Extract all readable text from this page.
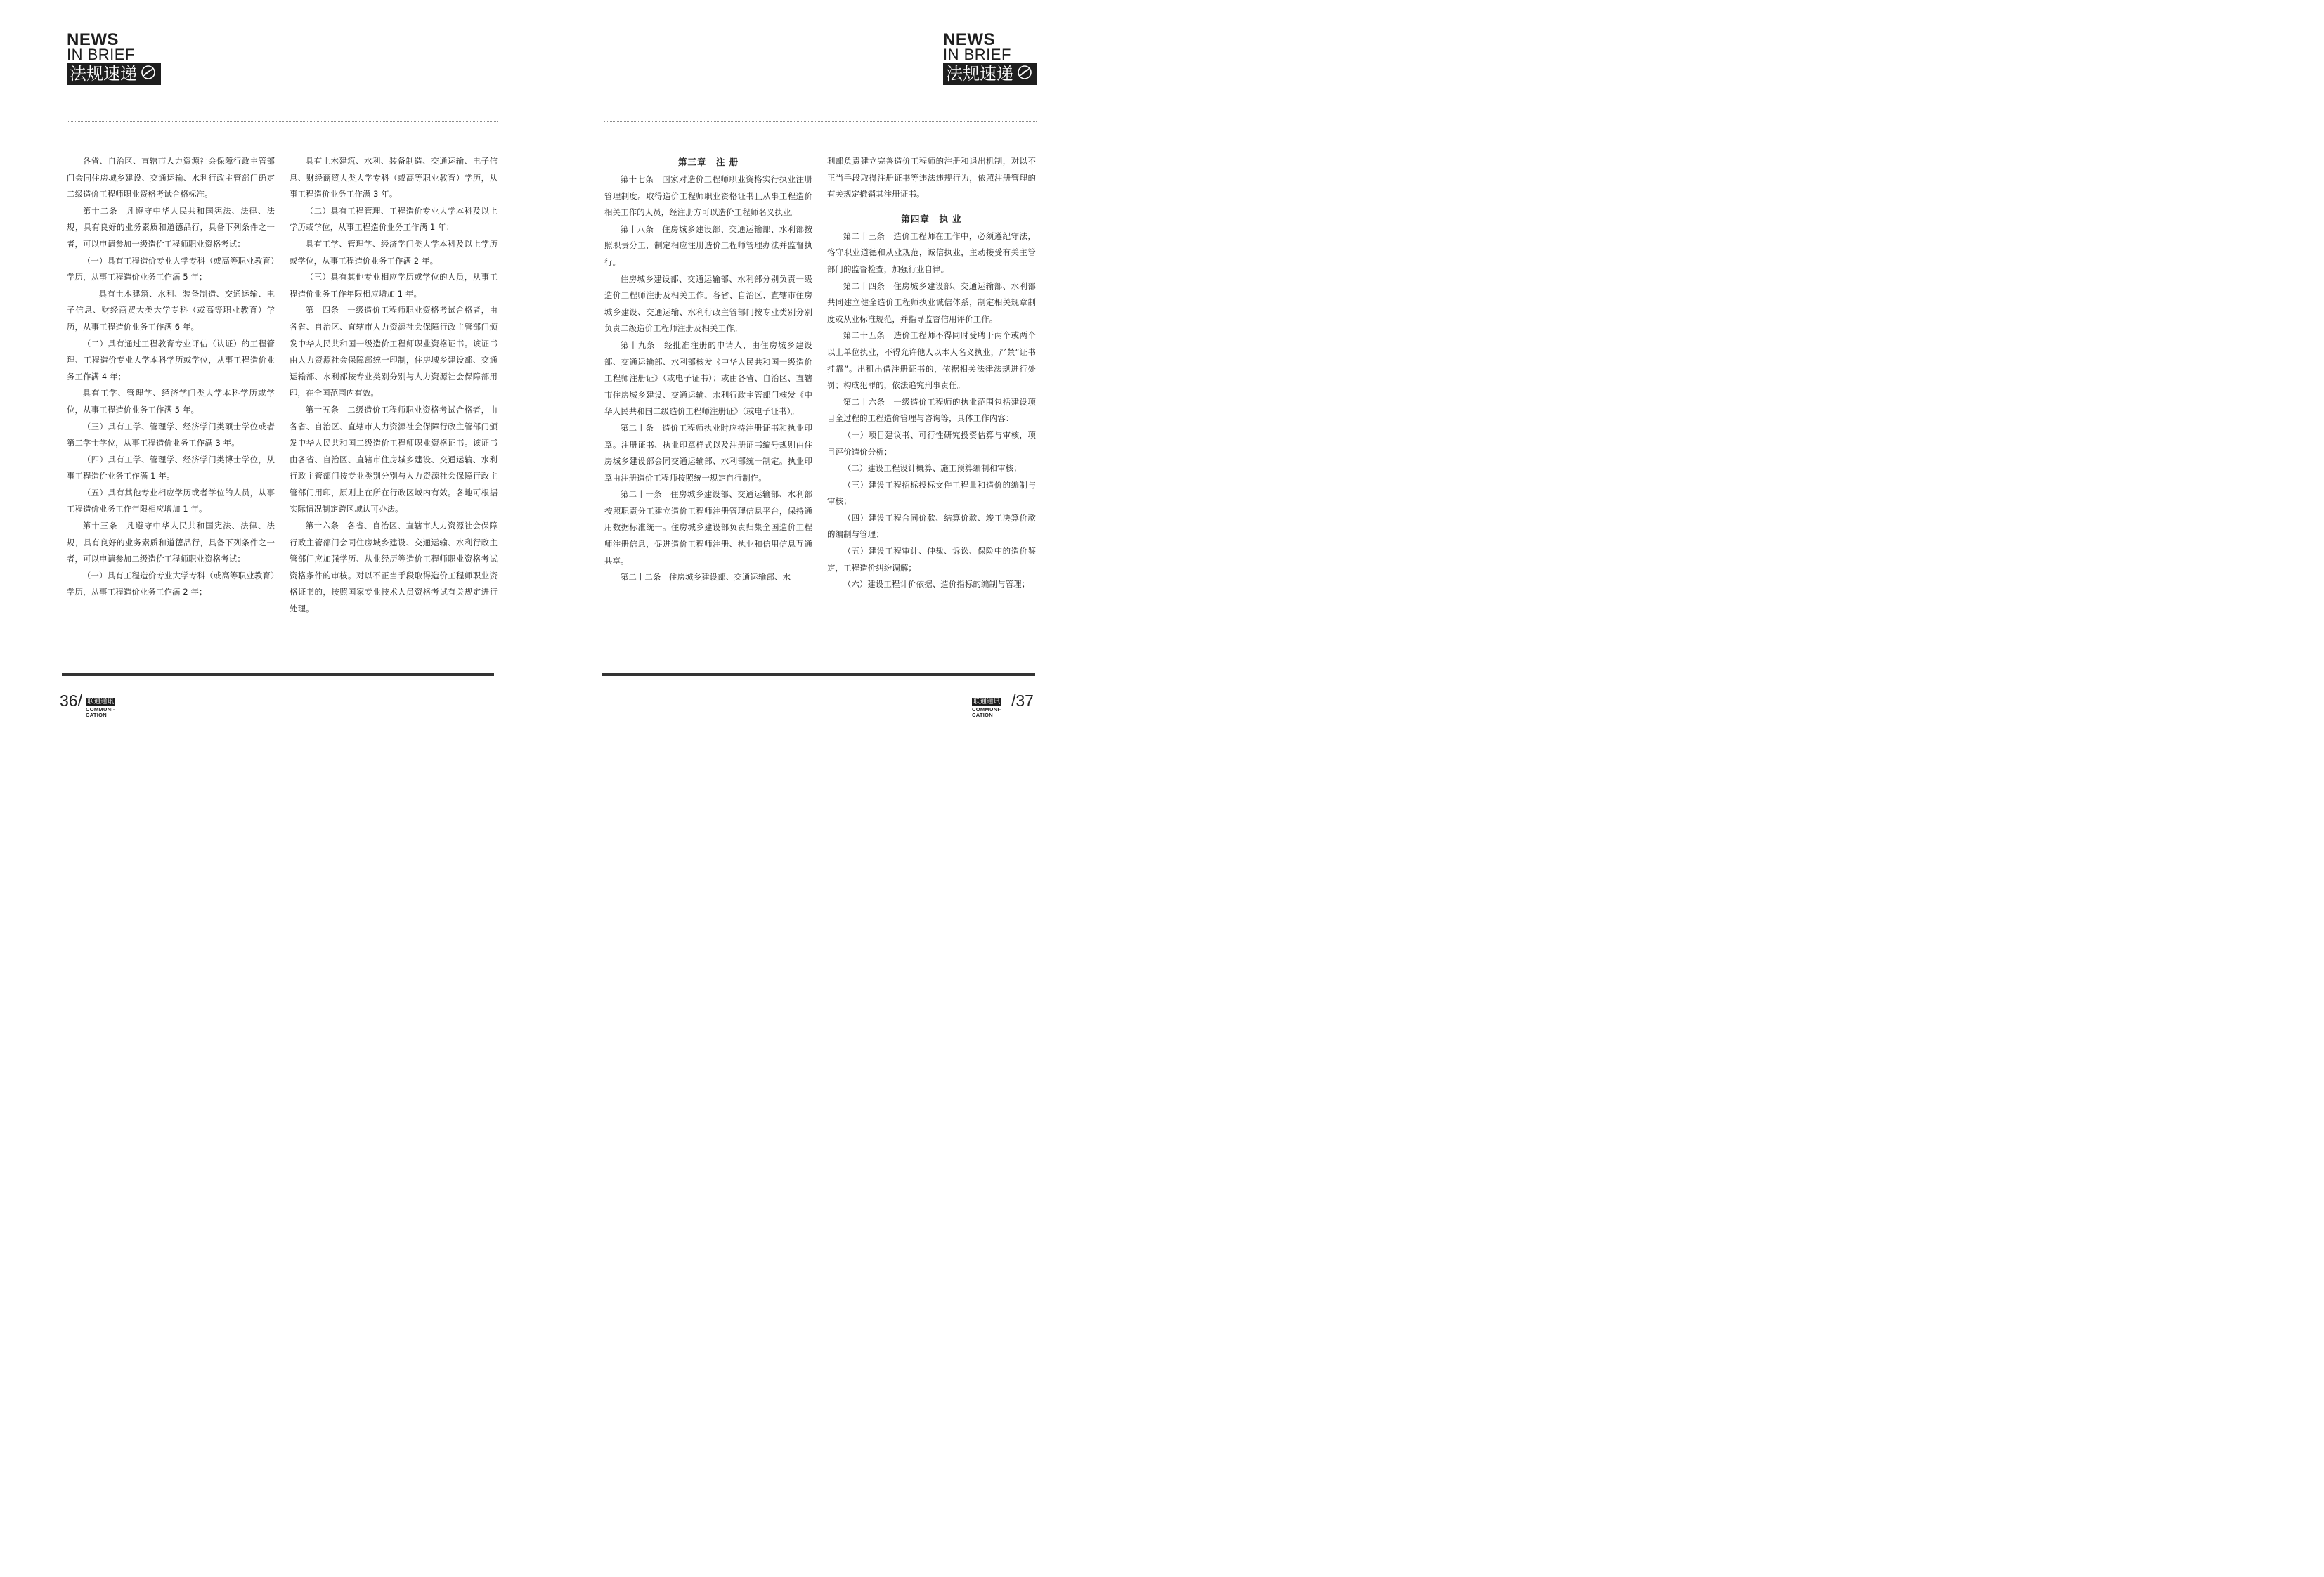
NEWS
IN BRIEF
法规速递

各省、自治区、直辖市人力资源社会保障行政主管部门会同住房城乡建设、交通运输、水利行政主管部门确定二级造价工程师职业资格考试合格标准。

第十二条　凡遵守中华人民共和国宪法、法律、法规，具有良好的业务素质和道德品行，具备下列条件之一者，可以申请参加一级造价工程师职业资格考试：

（一）具有工程造价专业大学专科（或高等职业教育）学历，从事工程造价业务工作满 5 年；

具有土木建筑、水利、装备制造、交通运输、电子信息、财经商贸大类大学专科（或高等职业教育）学历，从事工程造价业务工作满 6 年。

（二）具有通过工程教育专业评估（认证）的工程管理、工程造价专业大学本科学历或学位，从事工程造价业务工作满 4 年；

具有工学、管理学、经济学门类大学本科学历或学位，从事工程造价业务工作满 5 年。

（三）具有工学、管理学、经济学门类硕士学位或者第二学士学位，从事工程造价业务工作满 3 年。

（四）具有工学、管理学、经济学门类博士学位，从事工程造价业务工作满 1 年。

（五）具有其他专业相应学历或者学位的人员，从事工程造价业务工作年限相应增加 1 年。

第十三条　凡遵守中华人民共和国宪法、法律、法规，具有良好的业务素质和道德品行，具备下列条件之一者，可以申请参加二级造价工程师职业资格考试：

（一）具有工程造价专业大学专科（或高等职业教育）学历，从事工程造价业务工作满 2 年；

具有土木建筑、水利、装备制造、交通运输、电子信息、财经商贸大类大学专科（或高等职业教育）学历，从事工程造价业务工作满 3 年。

（二）具有工程管理、工程造价专业大学本科及以上学历或学位，从事工程造价业务工作满 1 年；

具有工学、管理学、经济学门类大学本科及以上学历或学位，从事工程造价业务工作满 2 年。

（三）具有其他专业相应学历或学位的人员，从事工程造价业务工作年限相应增加 1 年。

第十四条　一级造价工程师职业资格考试合格者，由各省、自治区、直辖市人力资源社会保障行政主管部门颁发中华人民共和国一级造价工程师职业资格证书。该证书由人力资源社会保障部统一印制，住房城乡建设部、交通运输部、水利部按专业类别分别与人力资源社会保障部用印，在全国范围内有效。

第十五条　二级造价工程师职业资格考试合格者，由各省、自治区、直辖市人力资源社会保障行政主管部门颁发中华人民共和国二级造价工程师职业资格证书。该证书由各省、自治区、直辖市住房城乡建设、交通运输、水利行政主管部门按专业类别分别与人力资源社会保障行政主管部门用印，原则上在所在行政区域内有效。各地可根据实际情况制定跨区域认可办法。

第十六条　各省、自治区、直辖市人力资源社会保障行政主管部门会同住房城乡建设、交通运输、水利行政主管部门应加强学历、从业经历等造价工程师职业资格考试资格条件的审核。对以不正当手段取得造价工程师职业资格证书的，按照国家专业技术人员资格考试有关规定进行处理。

36/ 联通通讯
COMMUNI-
CATION
NEWS
IN BRIEF
法规速递
第三章　注 册

第十七条　国家对造价工程师职业资格实行执业注册管理制度。取得造价工程师职业资格证书且从事工程造价相关工作的人员，经注册方可以造价工程师名义执业。

第十八条　住房城乡建设部、交通运输部、水利部按照职责分工，制定相应注册造价工程师管理办法并监督执行。

住房城乡建设部、交通运输部、水利部分别负责一级造价工程师注册及相关工作。各省、自治区、直辖市住房城乡建设、交通运输、水利行政主管部门按专业类别分别负责二级造价工程师注册及相关工作。

第十九条　经批准注册的申请人，由住房城乡建设部、交通运输部、水利部核发《中华人民共和国一级造价工程师注册证》（或电子证书）；或由各省、自治区、直辖市住房城乡建设、交通运输、水利行政主管部门核发《中华人民共和国二级造价工程师注册证》（或电子证书）。

第二十条　造价工程师执业时应持注册证书和执业印章。注册证书、执业印章样式以及注册证书编号规则由住房城乡建设部会同交通运输部、水利部统一制定。执业印章由注册造价工程师按照统一规定自行制作。

第二十一条　住房城乡建设部、交通运输部、水利部按照职责分工建立造价工程师注册管理信息平台，保持通用数据标准统一。住房城乡建设部负责归集全国造价工程师注册信息，促进造价工程师注册、执业和信用信息互通共享。

第二十二条　住房城乡建设部、交通运输部、水

利部负责建立完善造价工程师的注册和退出机制，对以不正当手段取得注册证书等违法违规行为，依照注册管理的有关规定撤销其注册证书。

第四章　执 业

第二十三条　造价工程师在工作中，必须遵纪守法，恪守职业道德和从业规范，诚信执业，主动接受有关主管部门的监督检查，加强行业自律。

第二十四条　住房城乡建设部、交通运输部、水利部共同建立健全造价工程师执业诚信体系，制定相关规章制度或从业标准规范，并指导监督信用评价工作。

第二十五条　造价工程师不得同时受聘于两个或两个以上单位执业，不得允许他人以本人名义执业，严禁“证书挂靠”。出租出借注册证书的，依据相关法律法规进行处罚；构成犯罪的，依法追究刑事责任。

第二十六条　一级造价工程师的执业范围包括建设项目全过程的工程造价管理与咨询等，具体工作内容：

（一）项目建议书、可行性研究投资估算与审核，项目评价造价分析；

（二）建设工程设计概算、施工预算编制和审核；

（三）建设工程招标投标文件工程量和造价的编制与审核；

（四）建设工程合同价款、结算价款、竣工决算价款的编制与管理；

（五）建设工程审计、仲裁、诉讼、保险中的造价鉴定，工程造价纠纷调解；

（六）建设工程计价依据、造价指标的编制与管理；

联通通讯
COMMUNI-
CATION
/37
